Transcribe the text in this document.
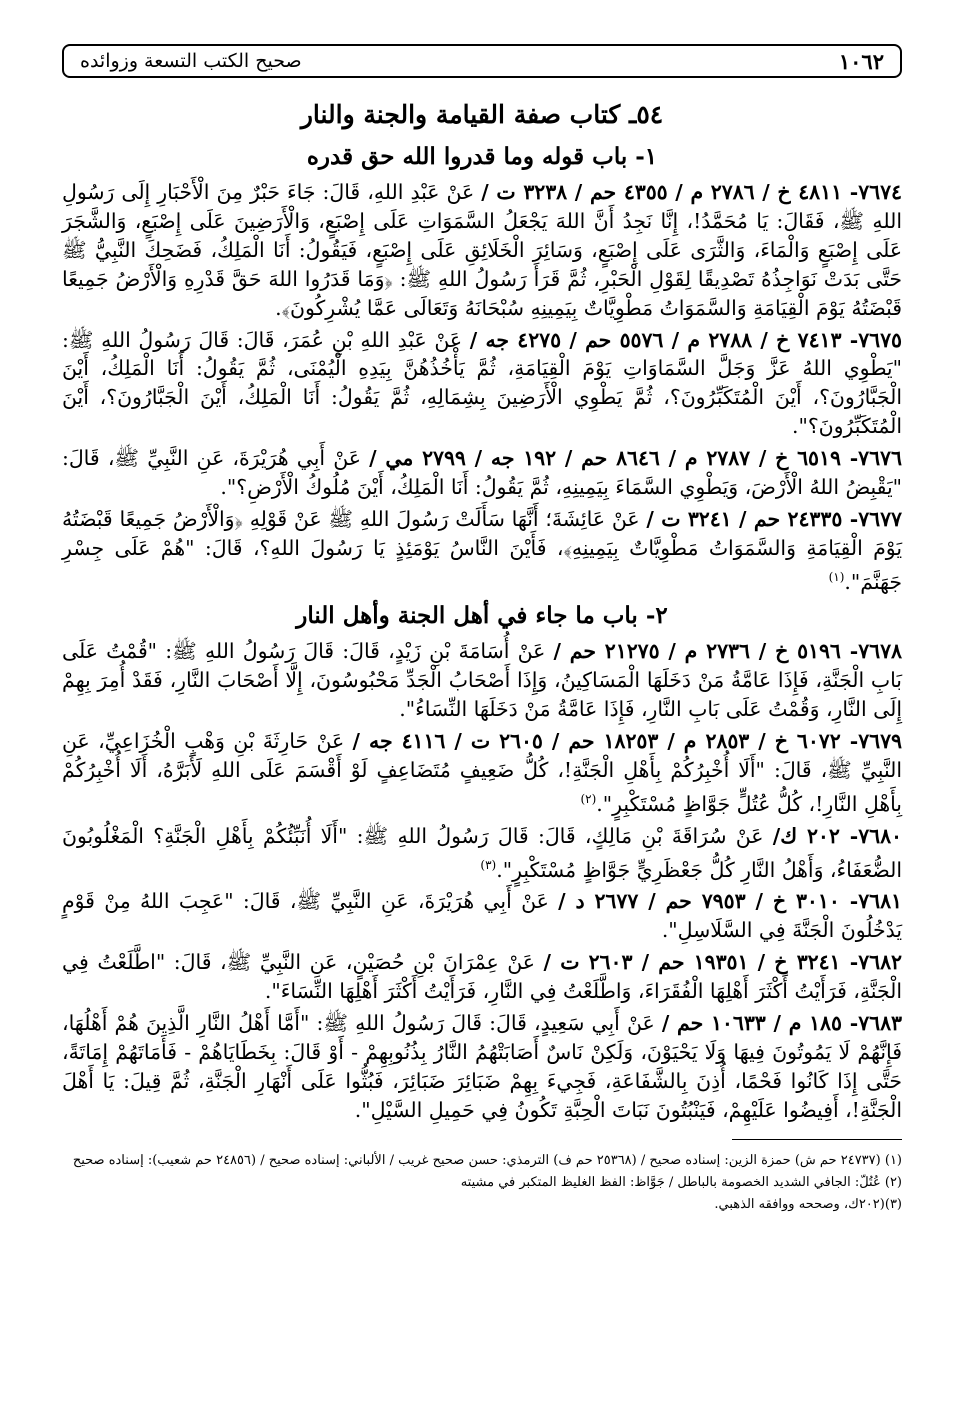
١٠٦٢
صحيح الكتب التسعة وزوائده
٥٤ـ كتاب صفة القيامة والجنة والنار
١- باب قوله وما قدروا الله حق قدره

٧٦٧٤- ٤٨١١ خ / ٢٧٨٦ م / ٤٣٥٥ حم / ٣٢٣٨ ت / عَنْ عَبْدِ اللهِ، قَالَ: جَاءَ حَبْرٌ مِنَ الْأَحْبَارِ إِلَى رَسُولِ اللهِ ﷺ، فَقَالَ: يَا مُحَمَّدُ!، إِنَّا نَجِدُ أَنَّ اللهَ يَجْعَلُ السَّمَوَاتِ عَلَى إِصْبَعٍ، وَالْأَرَضِينَ عَلَى إِصْبَعٍ، وَالشَّجَرَ عَلَى إِصْبَعٍ وَالْمَاءَ، وَالثَّرَى عَلَى إِصْبَعٍ، وَسَائِرَ الْخَلَائِقِ عَلَى إِصْبَعٍ، فَيَقُولُ: أَنَا الْمَلِكُ، فَضَحِكَ النَّبِيُّ ﷺ حَتَّى بَدَتْ نَوَاجِذُهُ تَصْدِيقًا لِقَوْلِ الْحَبْرِ، ثُمَّ قَرَأَ رَسُولُ اللهِ ﷺ: ﴿وَمَا قَدَرُوا اللهَ حَقَّ قَدْرِهِ وَالْأَرْضُ جَمِيعًا قَبْضَتُهُ يَوْمَ الْقِيَامَةِ وَالسَّمَوَاتُ مَطْوِيَّاتٌ بِيَمِينِهِ سُبْحَانَهُ وَتَعَالَى عَمَّا يُشْرِكُونَ﴾.

٧٦٧٥- ٧٤١٣ خ / ٢٧٨٨ م / ٥٥٧٦ حم / ٤٢٧٥ جه / عَنْ عَبْدِ اللهِ بْنِ عُمَرَ، قَالَ: قَالَ رَسُولُ اللهِ ﷺ: "يَطْوِي اللهُ عَزَّ وَجَلَّ السَّمَاوَاتِ يَوْمَ الْقِيَامَةِ، ثُمَّ يَأْخُذُهُنَّ بِيَدِهِ الْيُمْنَى، ثُمَّ يَقُولُ: أَنَا الْمَلِكُ، أَيْنَ الْجَبَّارُونَ؟، أَيْنَ الْمُتَكَبِّرُونَ؟، ثُمَّ يَطْوِي الْأَرَضِينَ بِشِمَالِهِ، ثُمَّ يَقُولُ: أَنَا الْمَلِكُ، أَيْنَ الْجَبَّارُونَ؟، أَيْنَ الْمُتَكَبِّرُونَ؟".

٧٦٧٦- ٦٥١٩ خ / ٢٧٨٧ م / ٨٦٤٦ حم / ١٩٢ جه / ٢٧٩٩ مي / عَنْ أَبِي هُرَيْرَةَ، عَنِ النَّبِيِّ ﷺ، قَالَ: "يَقْبِضُ اللهُ الْأَرْضَ، وَيَطْوِي السَّمَاءَ بِيَمِينِهِ، ثُمَّ يَقُولُ: أَنَا الْمَلِكُ، أَيْنَ مُلُوكُ الْأَرْضِ؟".

٧٦٧٧- ٢٤٣٣٥ حم / ٣٢٤١ ت / عَنْ عَائِشَةَ؛ أَنَّهَا سَأَلَتْ رَسُولَ اللهِ ﷺ عَنْ قَوْلِهِ ﴿وَالْأَرْضُ جَمِيعًا قَبْضَتُهُ يَوْمَ الْقِيَامَةِ وَالسَّمَوَاتُ مَطْوِيَّاتٌ بِيَمِينِهِ﴾، فَأَيْنَ النَّاسُ يَوْمَئِذٍ يَا رَسُولَ اللهِ؟، قَالَ: "هُمْ عَلَى جِسْرِ جَهَنَّمَ".$^{(١)}$

٢- باب ما جاء في أهل الجنة وأهل النار

٧٦٧٨- ٥١٩٦ خ / ٢٧٣٦ م / ٢١٢٧٥ حم / عَنْ أُسَامَةَ بْنِ زَيْدٍ، قَالَ: قَالَ رَسُولُ اللهِ ﷺ: "قُمْتُ عَلَى بَابِ الْجَنَّةِ، فَإِذَا عَامَّةُ مَنْ دَخَلَهَا الْمَسَاكِينُ، وَإِذَا أَصْحَابُ الْجَدِّ مَحْبُوسُونَ، إِلَّا أَصْحَابَ النَّارِ، فَقَدْ أُمِرَ بِهِمْ إِلَى النَّارِ، وَقُمْتُ عَلَى بَابِ النَّارِ، فَإِذَا عَامَّةُ مَنْ دَخَلَهَا النِّسَاءُ".

٧٦٧٩- ٦٠٧٢ خ / ٢٨٥٣ م / ١٨٢٥٣ حم / ٢٦٠٥ ت / ٤١١٦ جه / عَنْ حَارِثَةَ بْنِ وَهْبٍ الْخُزَاعِيِّ، عَنِ النَّبِيِّ ﷺ، قَالَ: "أَلَا أُخْبِرُكُمْ بِأَهْلِ الْجَنَّةِ!، كُلُّ ضَعِيفٍ مُتَضَاعِفٍ لَوْ أَقْسَمَ عَلَى اللهِ لَأَبَرَّهُ، أَلَا أُخْبِرُكُمْ بِأَهْلِ النَّارِ!، كُلُّ عُتُلٍّ جَوَّاظٍ مُسْتَكْبِرٍ".$^{(٢)}$

٧٦٨٠- ٢٠٢ ك/ عَنْ سُرَاقَةَ بْنِ مَالِكٍ، قَالَ: قَالَ رَسُولُ اللهِ ﷺ: "أَلَا أُنَبِّئُكُمْ بِأَهْلِ الْجَنَّةِ؟ الْمَغْلُوبُونَ الضُّعَفَاءُ، وَأَهْلُ النَّارِ كُلُّ جَعْظَرِيٍّ جَوَّاظٍ مُسْتَكْبِرٍ".$^{(٣)}$

٧٦٨١- ٣٠١٠ خ / ٧٩٥٣ حم / ٢٦٧٧ د / عَنْ أَبِي هُرَيْرَةَ، عَنِ النَّبِيِّ ﷺ، قَالَ: "عَجِبَ اللهُ مِنْ قَوْمٍ يَدْخُلُونَ الْجَنَّةَ فِي السَّلَاسِلِ".

٧٦٨٢- ٣٢٤١ خ / ١٩٣٥١ حم / ٢٦٠٣ ت / عَنْ عِمْرَانَ بْنِ حُصَيْنٍ، عَنِ النَّبِيِّ ﷺ، قَالَ: "اطَّلَعْتُ فِي الْجَنَّةِ، فَرَأَيْتُ أَكْثَرَ أَهْلِهَا الْفُقَرَاءَ، وَاطَّلَعْتُ فِي النَّارِ، فَرَأَيْتُ أَكْثَرَ أَهْلِهَا النِّسَاءَ".

٧٦٨٣- ١٨٥ م / ١٠٦٣٣ حم / عَنْ أَبِي سَعِيدٍ، قَالَ: قَالَ رَسُولُ اللهِ ﷺ: "أَمَّا أَهْلُ النَّارِ الَّذِينَ هُمْ أَهْلُهَا، فَإِنَّهُمْ لَا يَمُوتُونَ فِيهَا وَلَا يَحْيَوْنَ، وَلَكِنْ نَاسٌ أَصَابَتْهُمُ النَّارُ بِذُنُوبِهِمْ - أَوْ قَالَ: بِخَطَايَاهُمْ - فَأَمَاتَهُمْ إِمَاتَةً، حَتَّى إِذَا كَانُوا فَحْمًا، أُذِنَ بِالشَّفَاعَةِ، فَجِيءَ بِهِمْ ضَبَائِرَ ضَبَائِرَ، فَبُثُّوا عَلَى أَنْهَارِ الْجَنَّةِ، ثُمَّ قِيلَ: يَا أَهْلَ الْجَنَّةِ!، أَفِيضُوا عَلَيْهِمْ، فَيَنْبُتُونَ نَبَاتَ الْحِبَّةِ تَكُونُ فِي حَمِيلِ السَّيْلِ".

(١) (٢٤٧٣٧ حم ش) حمزة الزين: إسناده صحيح / (٢٥٣٦٨ حم ف) الترمذي: حسن صحيح غريب / الألباني: إسناده صحيح / (٢٤٨٥٦ حم شعيب): إسناده صحيح

(٢) عُتُلّ: الجافي الشديد الخصومة بالباطل / جَوَّاظ: الفظ الغليظ المتكبر في مشيته

(٣)(٢٠٢ك، وصححه ووافقه الذهبي.
